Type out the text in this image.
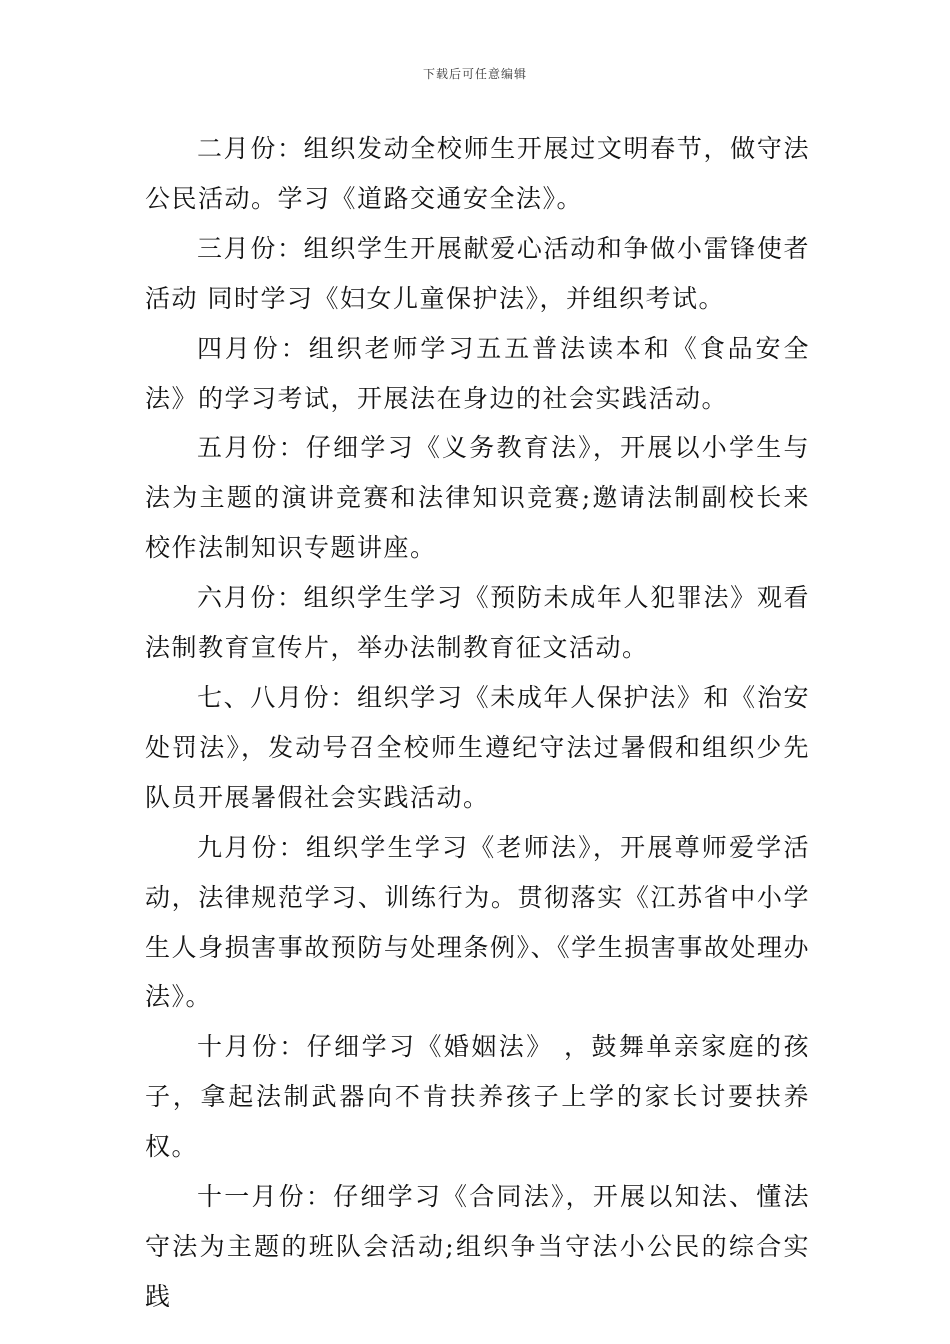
下载后可任意编辑

二月份：组织发动全校师生开展过文明春节，做守法公民活动。学习《道路交通安全法》。

三月份：组织学生开展献爱心活动和争做小雷锋使者活动 同时学习《妇女儿童保护法》，并组织考试。

四月份：组织老师学习五五普法读本和《食品安全法》的学习考试，开展法在身边的社会实践活动。

五月份：仔细学习《义务教育法》，开展以小学生与法为主题的演讲竞赛和法律知识竞赛;邀请法制副校长来校作法制知识专题讲座。

六月份：组织学生学习《预防未成年人犯罪法》观看法制教育宣传片，举办法制教育征文活动。

七、八月份：组织学习《未成年人保护法》和《治安处罚法》，发动号召全校师生遵纪守法过暑假和组织少先队员开展暑假社会实践活动。

九月份：组织学生学习《老师法》，开展尊师爱学活动，法律规范学习、训练行为。贯彻落实《江苏省中小学生人身损害事故预防与处理条例》、《学生损害事故处理办法》。

十月份：仔细学习《婚姻法》 ，鼓舞单亲家庭的孩子，拿起法制武器向不肯扶养孩子上学的家长讨要扶养权。

十一月份：仔细学习《合同法》，开展以知法、懂法守法为主题的班队会活动;组织争当守法小公民的综合实践
